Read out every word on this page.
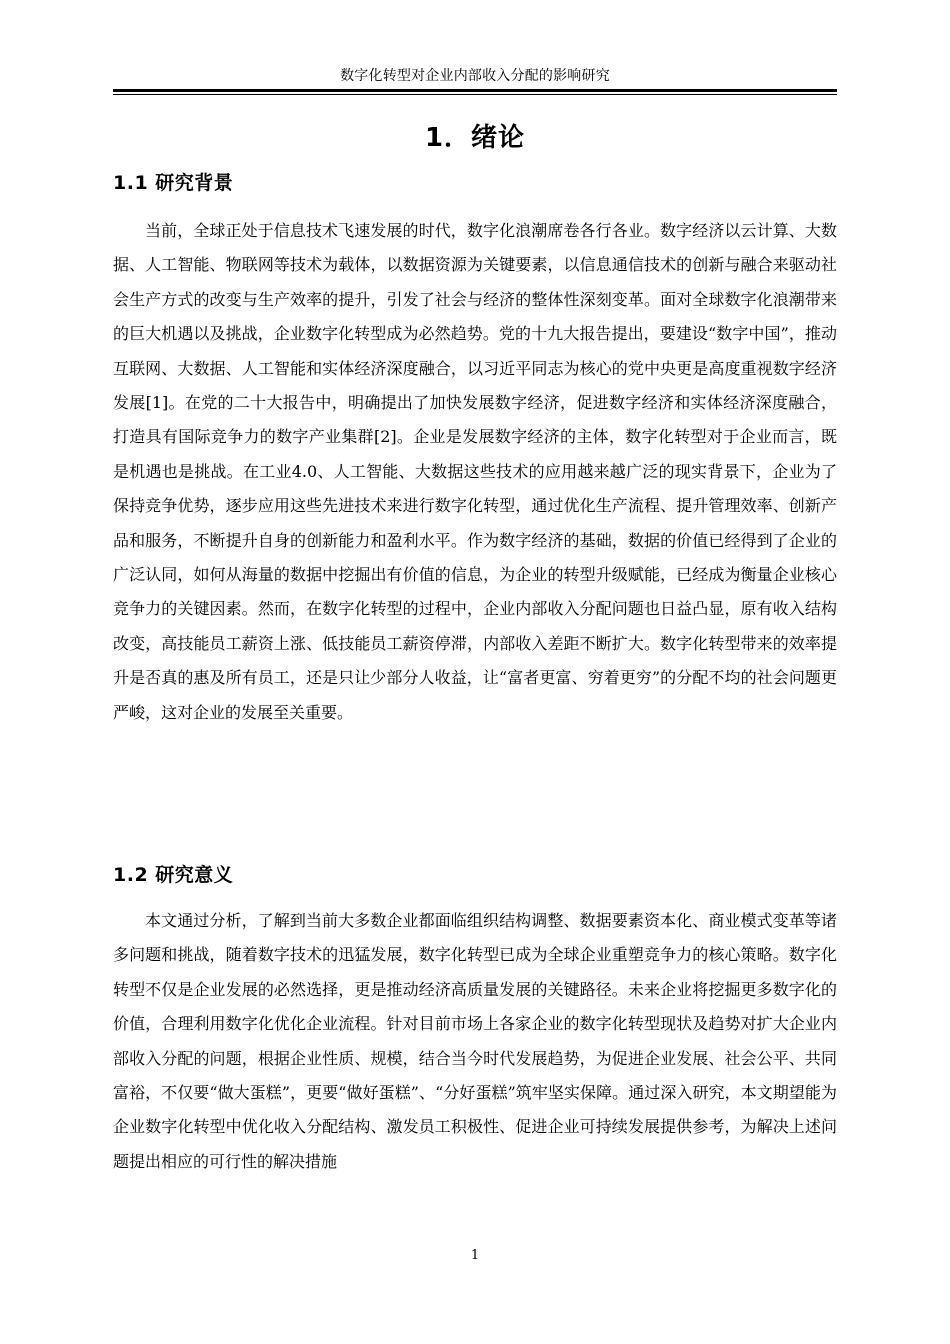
数字化转型对企业内部收入分配的影响研究
1．绪论
1.1 研究背景

当前，全球正处于信息技术飞速发展的时代，数字化浪潮席卷各行各业。数字经济以云计算、大数据、人工智能、物联网等技术为载体，以数据资源为关键要素，以信息通信技术的创新与融合来驱动社会生产方式的改变与生产效率的提升，引发了社会与经济的整体性深刻变革。面对全球数字化浪潮带来的巨大机遇以及挑战，企业数字化转型成为必然趋势。党的十九大报告提出，要建设“数字中国”，推动互联网、大数据、人工智能和实体经济深度融合，以习近平同志为核心的党中央更是高度重视数字经济发展[1]。在党的二十大报告中，明确提出了加快发展数字经济，促进数字经济和实体经济深度融合，打造具有国际竞争力的数字产业集群[2]。企业是发展数字经济的主体，数字化转型对于企业而言，既是机遇也是挑战。在工业4.0、人工智能、大数据这些技术的应用越来越广泛的现实背景下，企业为了保持竞争优势，逐步应用这些先进技术来进行数字化转型，通过优化生产流程、提升管理效率、创新产品和服务，不断提升自身的创新能力和盈利水平。作为数字经济的基础，数据的价值已经得到了企业的广泛认同，如何从海量的数据中挖掘出有价值的信息，为企业的转型升级赋能，已经成为衡量企业核心竞争力的关键因素。然而，在数字化转型的过程中，企业内部收入分配问题也日益凸显，原有收入结构改变，高技能员工薪资上涨、低技能员工薪资停滞，内部收入差距不断扩大。数字化转型带来的效率提升是否真的惠及所有员工，还是只让少部分人收益，让“富者更富、穷着更穷”的分配不均的社会问题更严峻，这对企业的发展至关重要。

1.2 研究意义

本文通过分析，了解到当前大多数企业都面临组织结构调整、数据要素资本化、商业模式变革等诸多问题和挑战，随着数字技术的迅猛发展，数字化转型已成为全球企业重塑竞争力的核心策略。数字化转型不仅是企业发展的必然选择，更是推动经济高质量发展的关键路径。未来企业将挖掘更多数字化的价值，合理利用数字化优化企业流程。针对目前市场上各家企业的数字化转型现状及趋势对扩大企业内部收入分配的问题，根据企业性质、规模，结合当今时代发展趋势，为促进企业发展、社会公平、共同富裕，不仅要“做大蛋糕”，更要“做好蛋糕”、“分好蛋糕”筑牢坚实保障。通过深入研究，本文期望能为企业数字化转型中优化收入分配结构、激发员工积极性、促进企业可持续发展提供参考，为解决上述问题提出相应的可行性的解决措施

1
